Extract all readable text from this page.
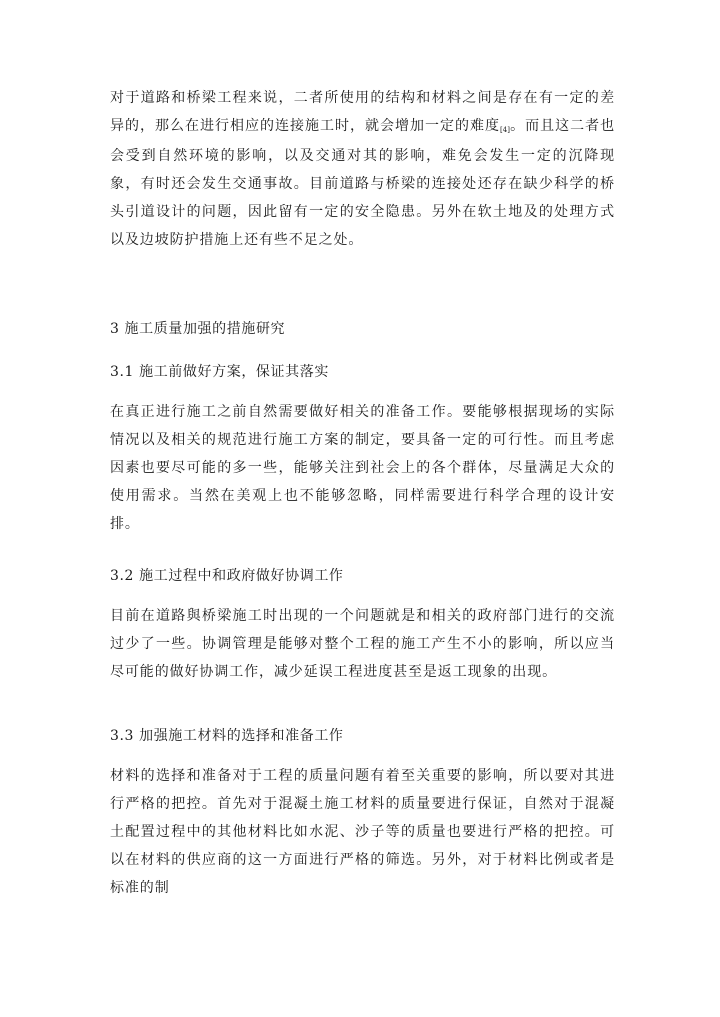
对于道路和桥梁工程来说，二者所使用的结构和材料之间是存在有一定的差异的，那么在进行相应的连接施工时，就会增加一定的难度[4]。而且这二者也会受到自然环境的影响，以及交通对其的影响，难免会发生一定的沉降现象，有时还会发生交通事故。目前道路与桥梁的连接处还存在缺少科学的桥头引道设计的问题，因此留有一定的安全隐患。另外在软土地及的处理方式以及边坡防护措施上还有些不足之处。

3 施工质量加强的措施研究

3.1 施工前做好方案，保证其落实

在真正进行施工之前自然需要做好相关的准备工作。要能够根据现场的实际情况以及相关的规范进行施工方案的制定，要具备一定的可行性。而且考虑因素也要尽可能的多一些，能够关注到社会上的各个群体，尽量满足大众的使用需求。当然在美观上也不能够忽略，同样需要进行科学合理的设计安排。

3.2 施工过程中和政府做好协调工作

目前在道路與桥梁施工时出现的一个问题就是和相关的政府部门进行的交流过少了一些。协调管理是能够对整个工程的施工产生不小的影响，所以应当尽可能的做好协调工作，减少延误工程进度甚至是返工现象的出现。

3.3 加强施工材料的选择和准备工作

材料的选择和准备对于工程的质量问题有着至关重要的影响，所以要对其进行严格的把控。首先对于混凝土施工材料的质量要进行保证，自然对于混凝土配置过程中的其他材料比如水泥、沙子等的质量也要进行严格的把控。可以在材料的供应商的这一方面进行严格的筛选。另外，对于材料比例或者是标准的制
